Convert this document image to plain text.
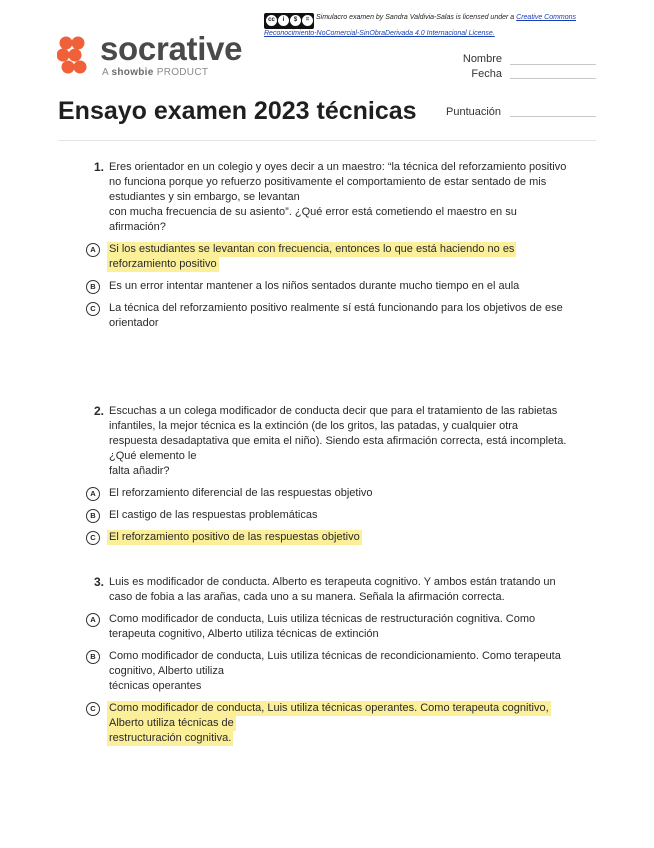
cc	i	$	= Simulacro examen by Sandra Valdivia-Salas is licensed under a Creative Commons
Reconocimiento-NoComercial-SinObraDerivada 4.0 Internacional License.
socrative
A showbie PRODUCT
Nombre
Fecha
Ensayo examen 2023 técnicas	Puntuación
1. Eres orientador en un colegio y oyes decir a un maestro: “la técnica del reforzamiento positivo
no funciona porque yo refuerzo positivamente el comportamiento de estar sentado de mis
estudiantes y sin embargo, se levantan
con mucha frecuencia de su asiento”. ¿Qué error está cometiendo el maestro en su
afirmación?
A	Si los estudiantes se levantan con frecuencia, entonces lo que está haciendo no es
reforzamiento positivo
B	Es un error intentar mantener a los niños sentados durante mucho tiempo en el aula
C	La técnica del reforzamiento positivo realmente sí está funcionando para los objetivos de ese
orientador
2. Escuchas a un colega modificador de conducta decir que para el tratamiento de las rabietas
infantiles, la mejor técnica es la extinción (de los gritos, las patadas, y cualquier otra
respuesta desadaptativa que emita el niño). Siendo esta afirmación correcta, está incompleta.
¿Qué elemento le
falta añadir?
A	El reforzamiento diferencial de las respuestas objetivo
B	El castigo de las respuestas problemáticas
C	El reforzamiento positivo de las respuestas objetivo
3. Luis es modificador de conducta. Alberto es terapeuta cognitivo. Y ambos están tratando un
caso de fobia a las arañas, cada uno a su manera. Señala la afirmación correcta.
A	Como modificador de conducta, Luis utiliza técnicas de restructuración cognitiva. Como
terapeuta cognitivo, Alberto utiliza técnicas de extinción
B	Como modificador de conducta, Luis utiliza técnicas de recondicionamiento. Como terapeuta
cognitivo, Alberto utiliza
técnicas operantes
C	Como modificador de conducta, Luis utiliza técnicas operantes. Como terapeuta cognitivo,
Alberto utiliza técnicas de
restructuración cognitiva.
